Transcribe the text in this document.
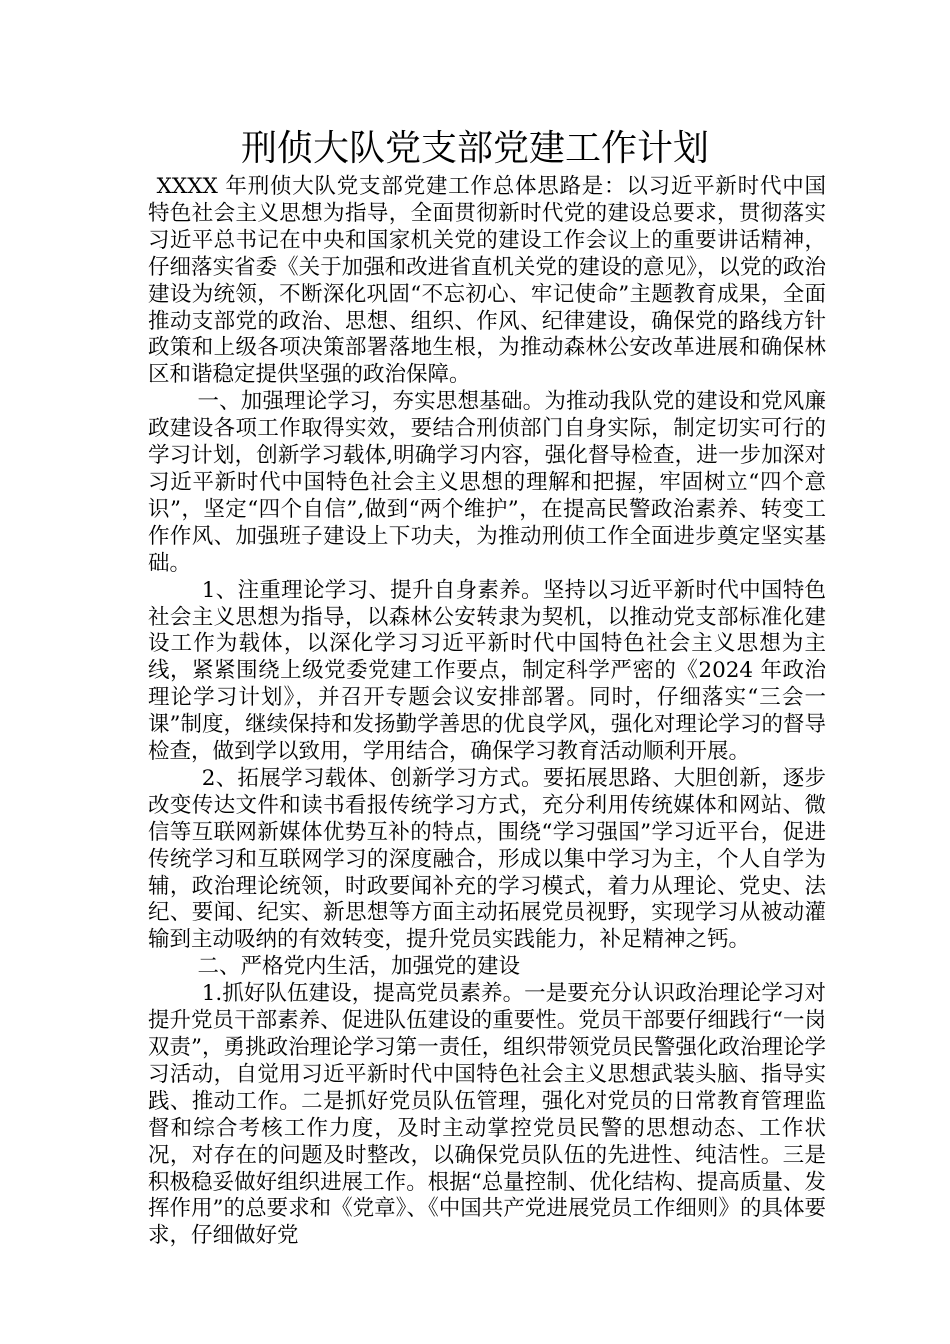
刑侦大队党支部党建工作计划

XXXX 年刑侦大队党支部党建工作总体思路是：以习近平新时代中国特色社会主义思想为指导，全面贯彻新时代党的建设总要求，贯彻落实习近平总书记在中央和国家机关党的建设工作会议上的重要讲话精神，仔细落实省委《关于加强和改进省直机关党的建设的意见》，以党的政治建设为统领，不断深化巩固“不忘初心、牢记使命”主题教育成果，全面推动支部党的政治、思想、组织、作风、纪律建设，确保党的路线方针政策和上级各项决策部署落地生根，为推动森林公安改革进展和确保林区和谐稳定提供坚强的政治保障。

一、加强理论学习，夯实思想基础。为推动我队党的建设和党风廉政建设各项工作取得实效，要结合刑侦部门自身实际，制定切实可行的学习计划，创新学习载体,明确学习内容，强化督导检查，进一步加深对习近平新时代中国特色社会主义思想的理解和把握，牢固树立“四个意识”，坚定“四个自信”,做到“两个维护”，在提高民警政治素养、转变工作作风、加强班子建设上下功夫，为推动刑侦工作全面进步奠定坚实基础。

1、注重理论学习、提升自身素养。坚持以习近平新时代中国特色社会主义思想为指导，以森林公安转隶为契机，以推动党支部标准化建设工作为载体，以深化学习习近平新时代中国特色社会主义思想为主线，紧紧围绕上级党委党建工作要点，制定科学严密的《2024 年政治理论学习计划》，并召开专题会议安排部署。同时，仔细落实“三会一课”制度，继续保持和发扬勤学善思的优良学风，强化对理论学习的督导检查，做到学以致用，学用结合，确保学习教育活动顺利开展。

2、拓展学习载体、创新学习方式。要拓展思路、大胆创新，逐步改变传达文件和读书看报传统学习方式，充分利用传统媒体和网站、微信等互联网新媒体优势互补的特点，围绕“学习强国”学习近平台，促进传统学习和互联网学习的深度融合，形成以集中学习为主，个人自学为辅，政治理论统领，时政要闻补充的学习模式，着力从理论、党史、法纪、要闻、纪实、新思想等方面主动拓展党员视野，实现学习从被动灌输到主动吸纳的有效转变，提升党员实践能力，补足精神之钙。

二、严格党内生活，加强党的建设

1.抓好队伍建设，提高党员素养。一是要充分认识政治理论学习对提升党员干部素养、促进队伍建设的重要性。党员干部要仔细践行“一岗双责”，勇挑政治理论学习第一责任，组织带领党员民警强化政治理论学习活动，自觉用习近平新时代中国特色社会主义思想武装头脑、指导实践、推动工作。二是抓好党员队伍管理，强化对党员的日常教育管理监督和综合考核工作力度，及时主动掌控党员民警的思想动态、工作状况，对存在的问题及时整改，以确保党员队伍的先进性、纯洁性。三是积极稳妥做好组织进展工作。根据“总量控制、优化结构、提高质量、发挥作用”的总要求和《党章》、《中国共产党进展党员工作细则》的具体要求，仔细做好党
